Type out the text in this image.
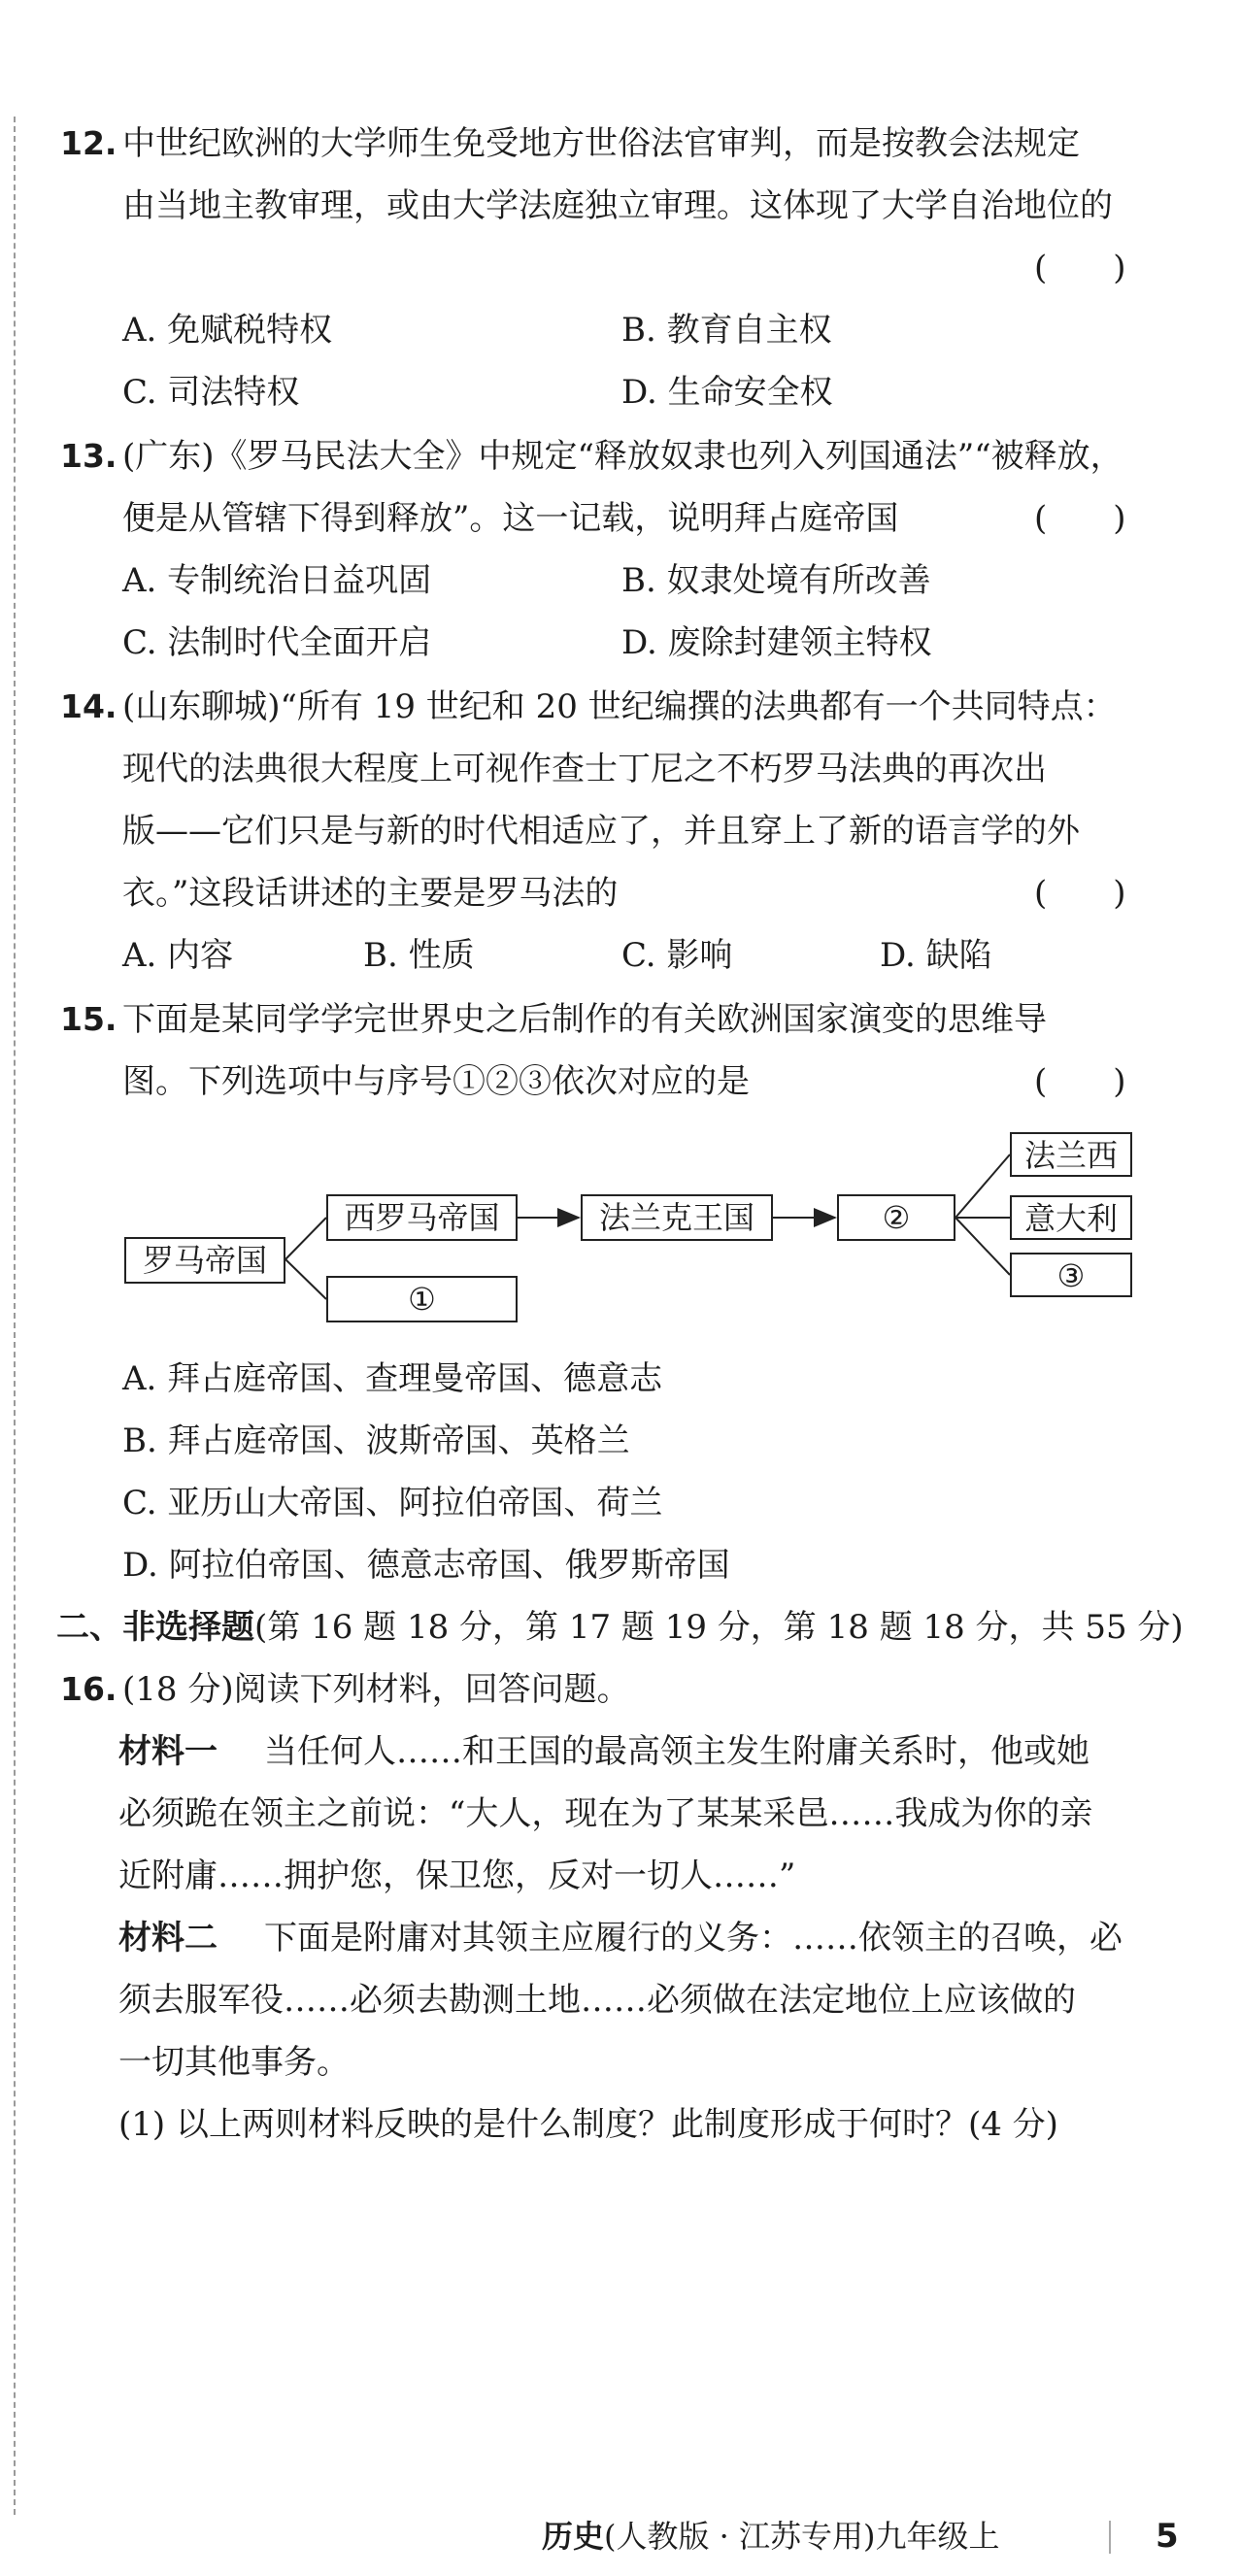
12. 中世纪欧洲的大学师生免受地方世俗法官审判，而是按教会法规定
由当地主教审理，或由大学法庭独立审理。这体现了大学自治地位的
(　　)
A. 免赋税特权	B. 教育自主权
C. 司法特权	D. 生命安全权
13. (广东)《罗马民法大全》中规定“释放奴隶也列入列国通法”“被释放，
便是从管辖下得到释放”。这一记载，说明拜占庭帝国	(　　)
A. 专制统治日益巩固	B. 奴隶处境有所改善
C. 法制时代全面开启	D. 废除封建领主特权
14. (山东聊城)“所有 19 世纪和 20 世纪编撰的法典都有一个共同特点：
现代的法典很大程度上可视作查士丁尼之不朽罗马法典的再次出
版——它们只是与新的时代相适应了，并且穿上了新的语言学的外
衣。”这段话讲述的主要是罗马法的	(　　)
A. 内容	B. 性质	C. 影响	D. 缺陷
15. 下面是某同学学完世界史之后制作的有关欧洲国家演变的思维导
图。下列选项中与序号①②③依次对应的是	(　　)
罗马帝国
西罗马帝国
①
法兰克王国	②
法兰西
意大利
③
A. 拜占庭帝国、查理曼帝国、德意志
B. 拜占庭帝国、波斯帝国、英格兰
C. 亚历山大帝国、阿拉伯帝国、荷兰
D. 阿拉伯帝国、德意志帝国、俄罗斯帝国
二、非选择题(第 16 题 18 分，第 17 题 19 分，第 18 题 18 分，共 55 分)
16. (18 分)阅读下列材料，回答问题。
材料一 当任何人……和王国的最高领主发生附庸关系时，他或她
必须跪在领主之前说：“大人，现在为了某某采邑……我成为你的亲
近附庸……拥护您，保卫您，反对一切人……”
材料二 下面是附庸对其领主应履行的义务：……依领主的召唤，必
须去服军役……必须去勘测土地……必须做在法定地位上应该做的
一切其他事务。
(1) 以上两则材料反映的是什么制度？此制度形成于何时？(4 分)
历史(人教版 · 江苏专用)九年级上	5
